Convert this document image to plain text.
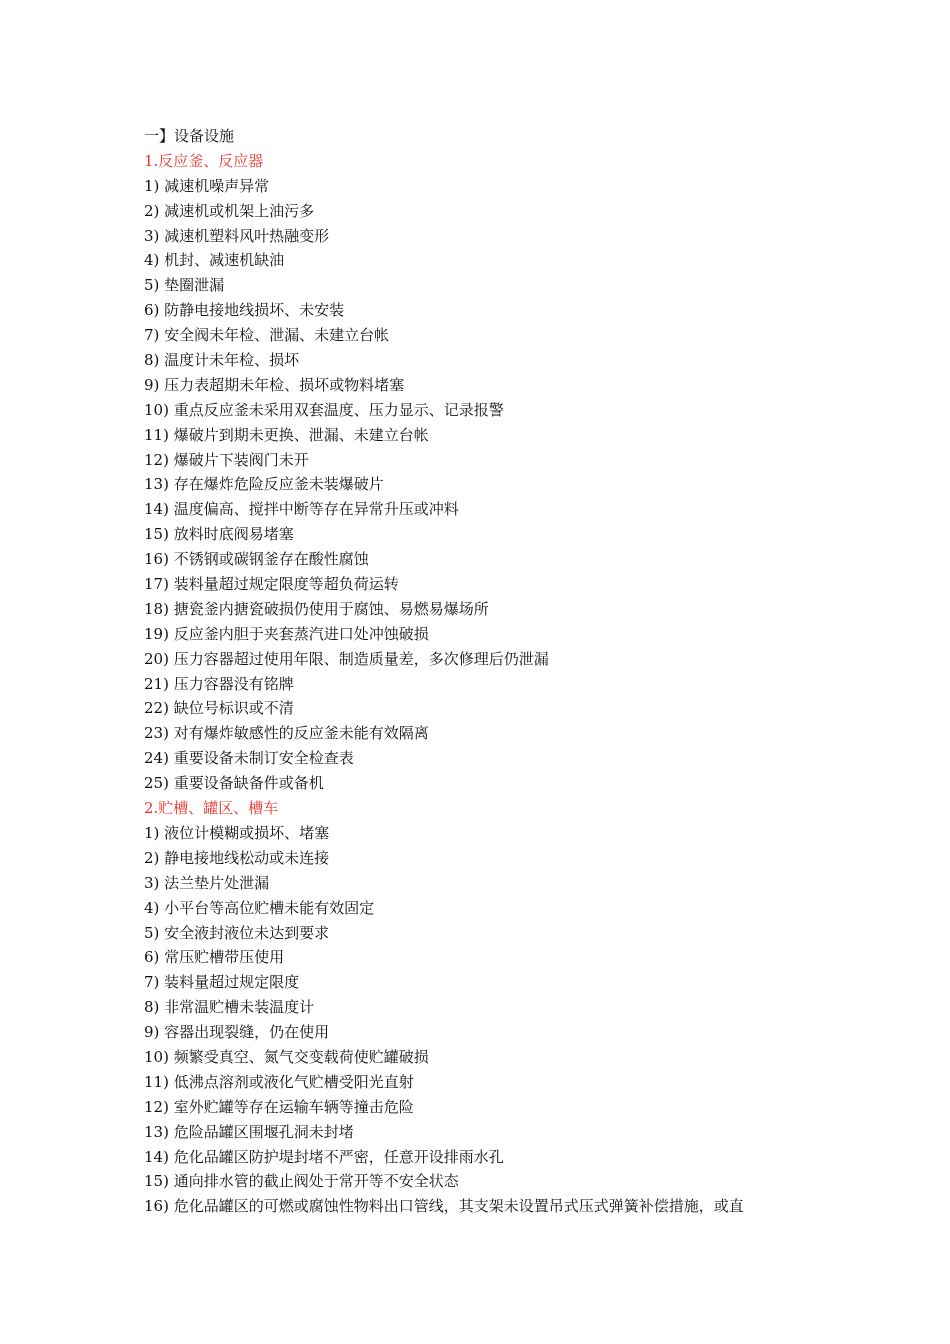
一】设备设施
1.反应釜、反应器
1) 减速机噪声异常
2) 减速机或机架上油污多
3) 减速机塑料风叶热融变形
4) 机封、减速机缺油
5) 垫圈泄漏
6) 防静电接地线损坏、未安装
7) 安全阀未年检、泄漏、未建立台帐
8) 温度计未年检、损坏
9) 压力表超期未年检、损坏或物料堵塞
10) 重点反应釜未采用双套温度、压力显示、记录报警
11) 爆破片到期未更换、泄漏、未建立台帐
12) 爆破片下装阀门未开
13) 存在爆炸危险反应釜未装爆破片
14) 温度偏高、搅拌中断等存在异常升压或冲料
15) 放料时底阀易堵塞
16) 不锈钢或碳钢釜存在酸性腐蚀
17) 装料量超过规定限度等超负荷运转
18) 搪瓷釜内搪瓷破损仍使用于腐蚀、易燃易爆场所
19) 反应釜内胆于夹套蒸汽进口处冲蚀破损
20) 压力容器超过使用年限、制造质量差，多次修理后仍泄漏
21) 压力容器没有铭牌
22) 缺位号标识或不清
23) 对有爆炸敏感性的反应釜未能有效隔离
24) 重要设备未制订安全检查表
25) 重要设备缺备件或备机
2.贮槽、罐区、槽车
1) 液位计模糊或损坏、堵塞
2) 静电接地线松动或未连接
3) 法兰垫片处泄漏
4) 小平台等高位贮槽未能有效固定
5) 安全液封液位未达到要求
6) 常压贮槽带压使用
7) 装料量超过规定限度
8) 非常温贮槽未装温度计
9) 容器出现裂缝，仍在使用
10) 频繁受真空、氮气交变载荷使贮罐破损
11) 低沸点溶剂或液化气贮槽受阳光直射
12) 室外贮罐等存在运输车辆等撞击危险
13) 危险品罐区围堰孔洞未封堵
14) 危化品罐区防护堤封堵不严密，任意开设排雨水孔
15) 通向排水管的截止阀处于常开等不安全状态
16) 危化品罐区的可燃或腐蚀性物料出口管线，其支架未设置吊式压式弹簧补偿措施，或直
